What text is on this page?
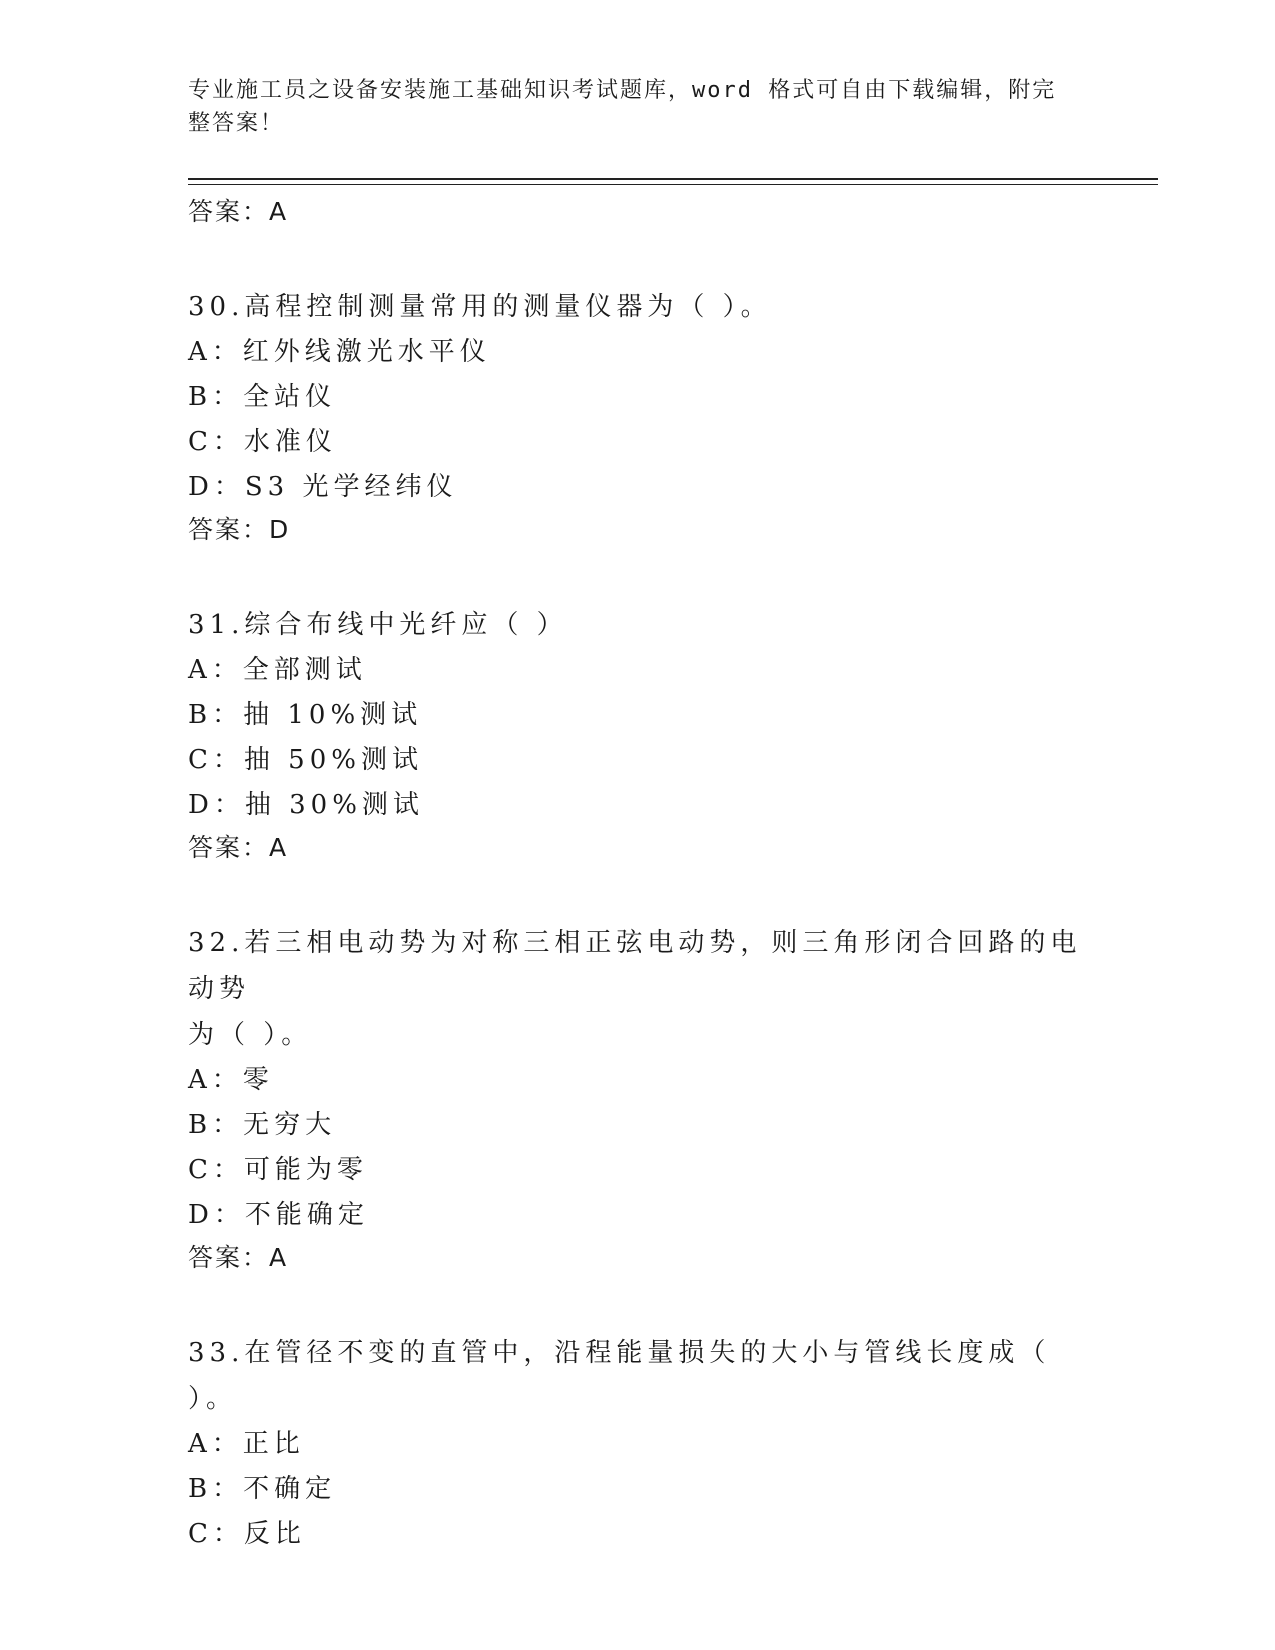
专业施工员之设备安装施工基础知识考试题库，word 格式可自由下载编辑，附完
整答案！
答案：A
30.高程控制测量常用的测量仪器为（ ）。
A：红外线激光水平仪
B：全站仪
C：水准仪
D：S3 光学经纬仪
答案：D
31.综合布线中光纤应（ ）
A：全部测试
B：抽 10%测试
C：抽 50%测试
D：抽 30%测试
答案：A
32.若三相电动势为对称三相正弦电动势，则三角形闭合回路的电动势
为（ ）。
A：零
B：无穷大
C：可能为零
D：不能确定
答案：A
33.在管径不变的直管中，沿程能量损失的大小与管线长度成（ ）。
A：正比
B：不确定
C：反比
